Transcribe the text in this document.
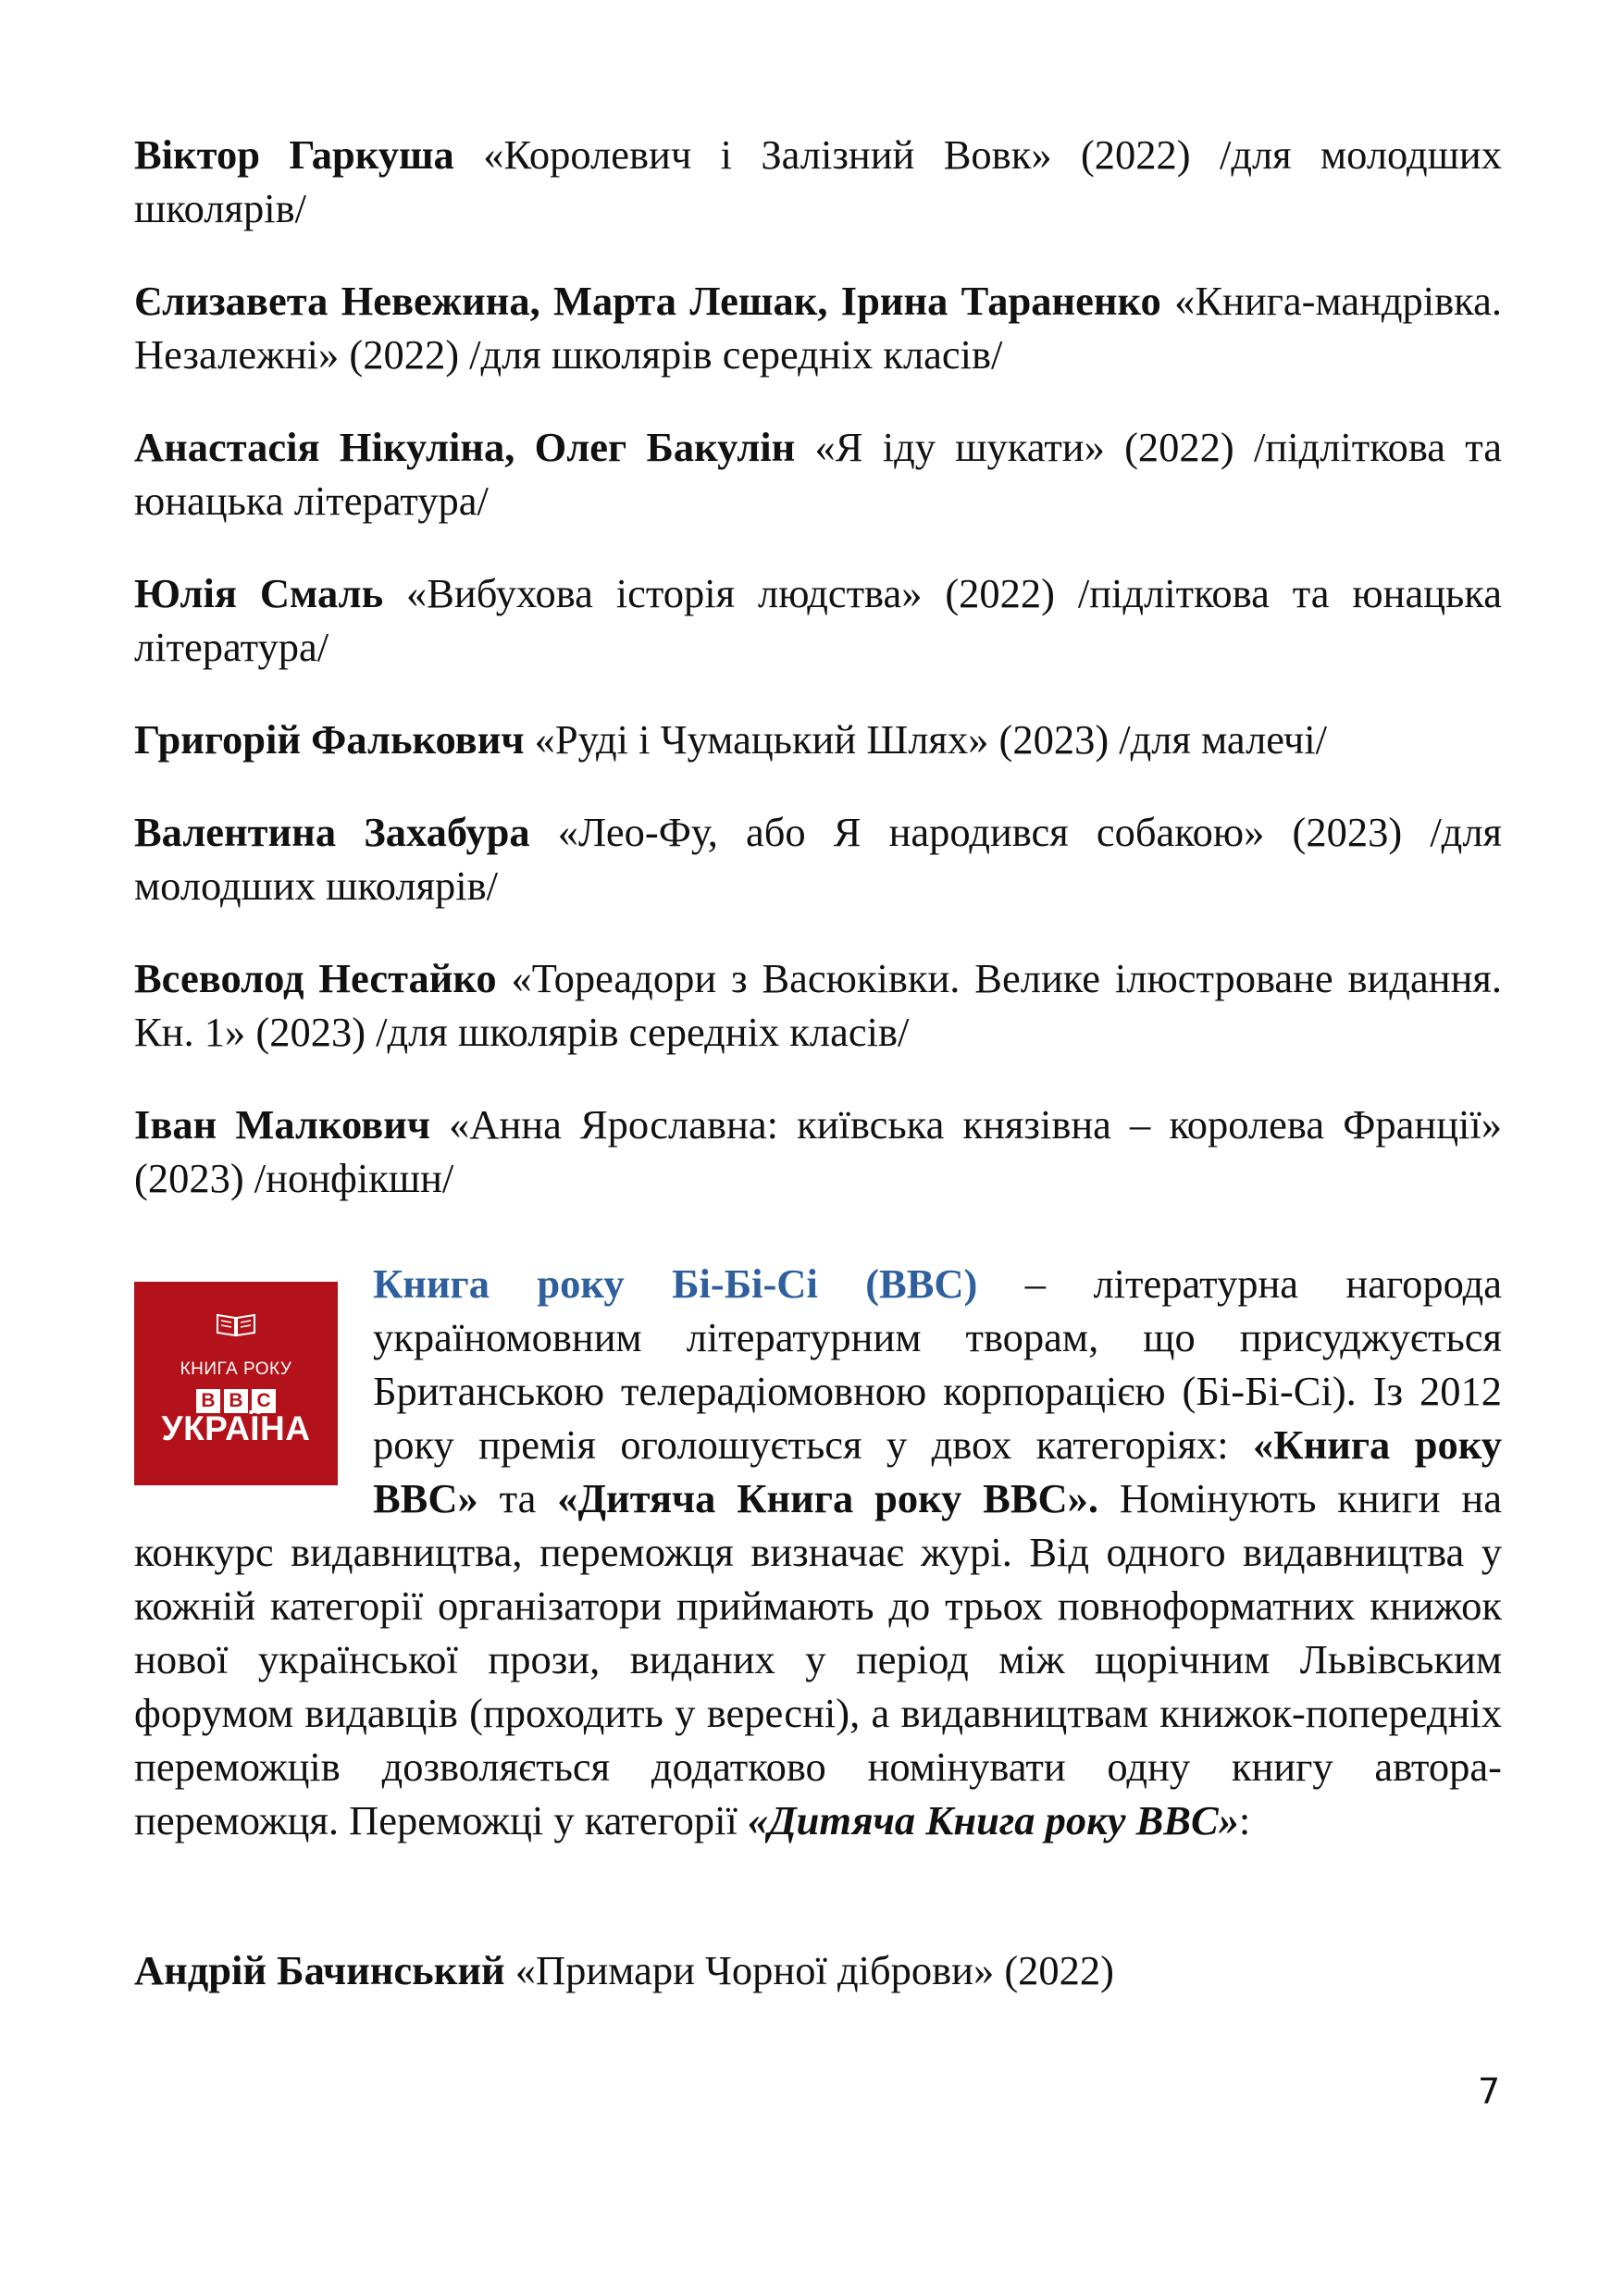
Віктор Гаркуша «Королевич і Залізний Вовк» (2022) /для молодших школярів/

Єлизавета Невежина, Марта Лешак, Ірина Тараненко «Книга-мандрівка. Незалежні» (2022) /для школярів середніх класів/

Анастасія Нікуліна, Олег Бакулін «Я іду шукати» (2022) /підліткова та юнацька література/

Юлія Смаль «Вибухова історія людства» (2022) /підліткова та юнацька література/

Григорій Фалькович «Руді і Чумацький Шлях» (2023) /для малечі/

Валентина Захабура «Лео-Фу, або Я народився собакою» (2023) /для молодших школярів/

Всеволод Нестайко «Тореадори з Васюківки. Велике ілюстроване видання. Кн. 1» (2023) /для школярів середніх класів/

Іван Малкович «Анна Ярославна: київська князівна – королева Франції» (2023) /нонфікшн/

КНИГА РОКУ
B B C
УКРАЇНА
Книга року Бі-Бі-Сі (BBC) – літературна нагорода україномовним літературним творам, що присуджується Британською телерадіомовною корпорацією (Бі-Бі-Сі). Із 2012 року премія оголошується у двох категоріях: «Книга року BBC» та «Дитяча Книга року BBC». Номінують книги на конкурс видавництва, переможця визначає журі. Від одного видавництва у кожній категорії організатори приймають до трьох повноформатних книжок нової української прози, виданих у період між щорічним Львівським форумом видавців (проходить у вересні), а видавництвам книжок-попередніх переможців дозволяється додатково номінувати одну книгу автора-переможця. Переможці у категорії «Дитяча Книга року BBC»:

Андрій Бачинський «Примари Чорної діброви» (2022)

7
